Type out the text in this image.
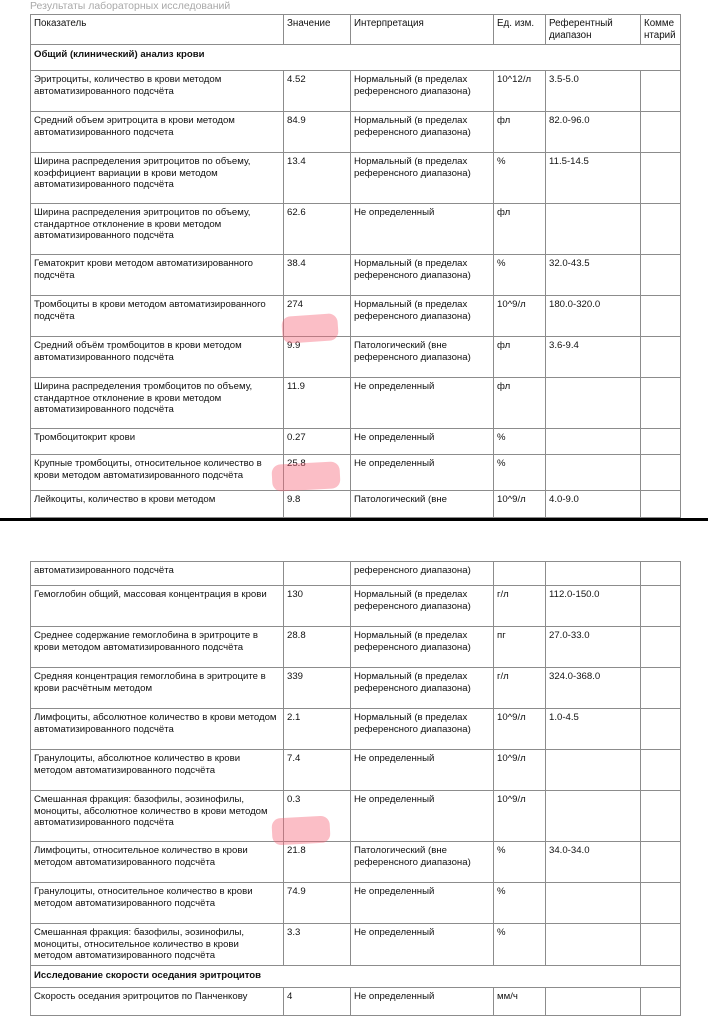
Результаты лабораторных исследований
Показатель	Значение	Интерпретация	Ед. изм.	Референтный диапазон	Комме нтарий
Общий (клинический) анализ крови					
Эритроциты, количество в крови методом автоматизированного подсчёта	4.52	Нормальный (в пределах референсного диапазона)	10^12/л	3.5-5.0	
Средний объем эритроцита в крови методом автоматизированного подсчета	84.9	Нормальный (в пределах референсного диапазона)	фл	82.0-96.0	
Ширина распределения эритроцитов по объему, коэффициент вариации в крови методом автоматизированного подсчёта	13.4	Нормальный (в пределах референсного диапазона)	%	11.5-14.5	
Ширина распределения эритроцитов по объему, стандартное отклонение в крови методом автоматизированного подсчёта	62.6	Не определенный	фл		
Гематокрит крови методом автоматизированного подсчёта	38.4	Нормальный (в пределах референсного диапазона)	%	32.0-43.5	
Тромбоциты в крови методом автоматизированного подсчёта	274	Нормальный (в пределах референсного диапазона)	10^9/л	180.0-320.0	
Средний объём тромбоцитов в крови методом автоматизированного подсчёта	9.9	Патологический (вне референсного диапазона)	фл	3.6-9.4	
Ширина распределения тромбоцитов по объему, стандартное отклонение в крови методом автоматизированного подсчёта	11.9	Не определенный	фл		
Тромбоцитокрит крови	0.27	Не определенный	%		
Крупные тромбоциты, относительное количество в крови методом автоматизированного подсчёта	25.8	Не определенный	%		
Лейкоциты, количество в крови методом	9.8	Патологический (вне	10^9/л	4.0-9.0	
автоматизированного подсчёта		референсного диапазона)			
Гемоглобин общий, массовая концентрация в крови	130	Нормальный (в пределах референсного диапазона)	г/л	112.0-150.0	
Среднее содержание гемоглобина в эритроците в крови методом автоматизированного подсчёта	28.8	Нормальный (в пределах референсного диапазона)	пг	27.0-33.0	
Средняя концентрация гемоглобина в эритроците в крови расчётным методом	339	Нормальный (в пределах референсного диапазона)	г/л	324.0-368.0	
Лимфоциты, абсолютное количество в крови методом автоматизированного подсчёта	2.1	Нормальный (в пределах референсного диапазона)	10^9/л	1.0-4.5	
Гранулоциты, абсолютное количество в крови методом автоматизированного подсчёта	7.4	Не определенный	10^9/л		
Смешанная фракция: базофилы, эозинофилы, моноциты, абсолютное количество в крови методом автоматизированного подсчёта	0.3	Не определенный	10^9/л		
Лимфоциты, относительное количество в крови методом автоматизированного подсчёта	21.8	Патологический (вне референсного диапазона)	%	34.0-34.0	
Гранулоциты, относительное количество в крови методом автоматизированного подсчёта	74.9	Не определенный	%		
Смешанная фракция: базофилы, эозинофилы, моноциты, относительное количество в крови методом автоматизированного подсчёта	3.3	Не определенный	%		
Исследование скорости оседания эритроцитов					
Скорость оседания эритроцитов по Панченкову	4	Не определенный	мм/ч		
